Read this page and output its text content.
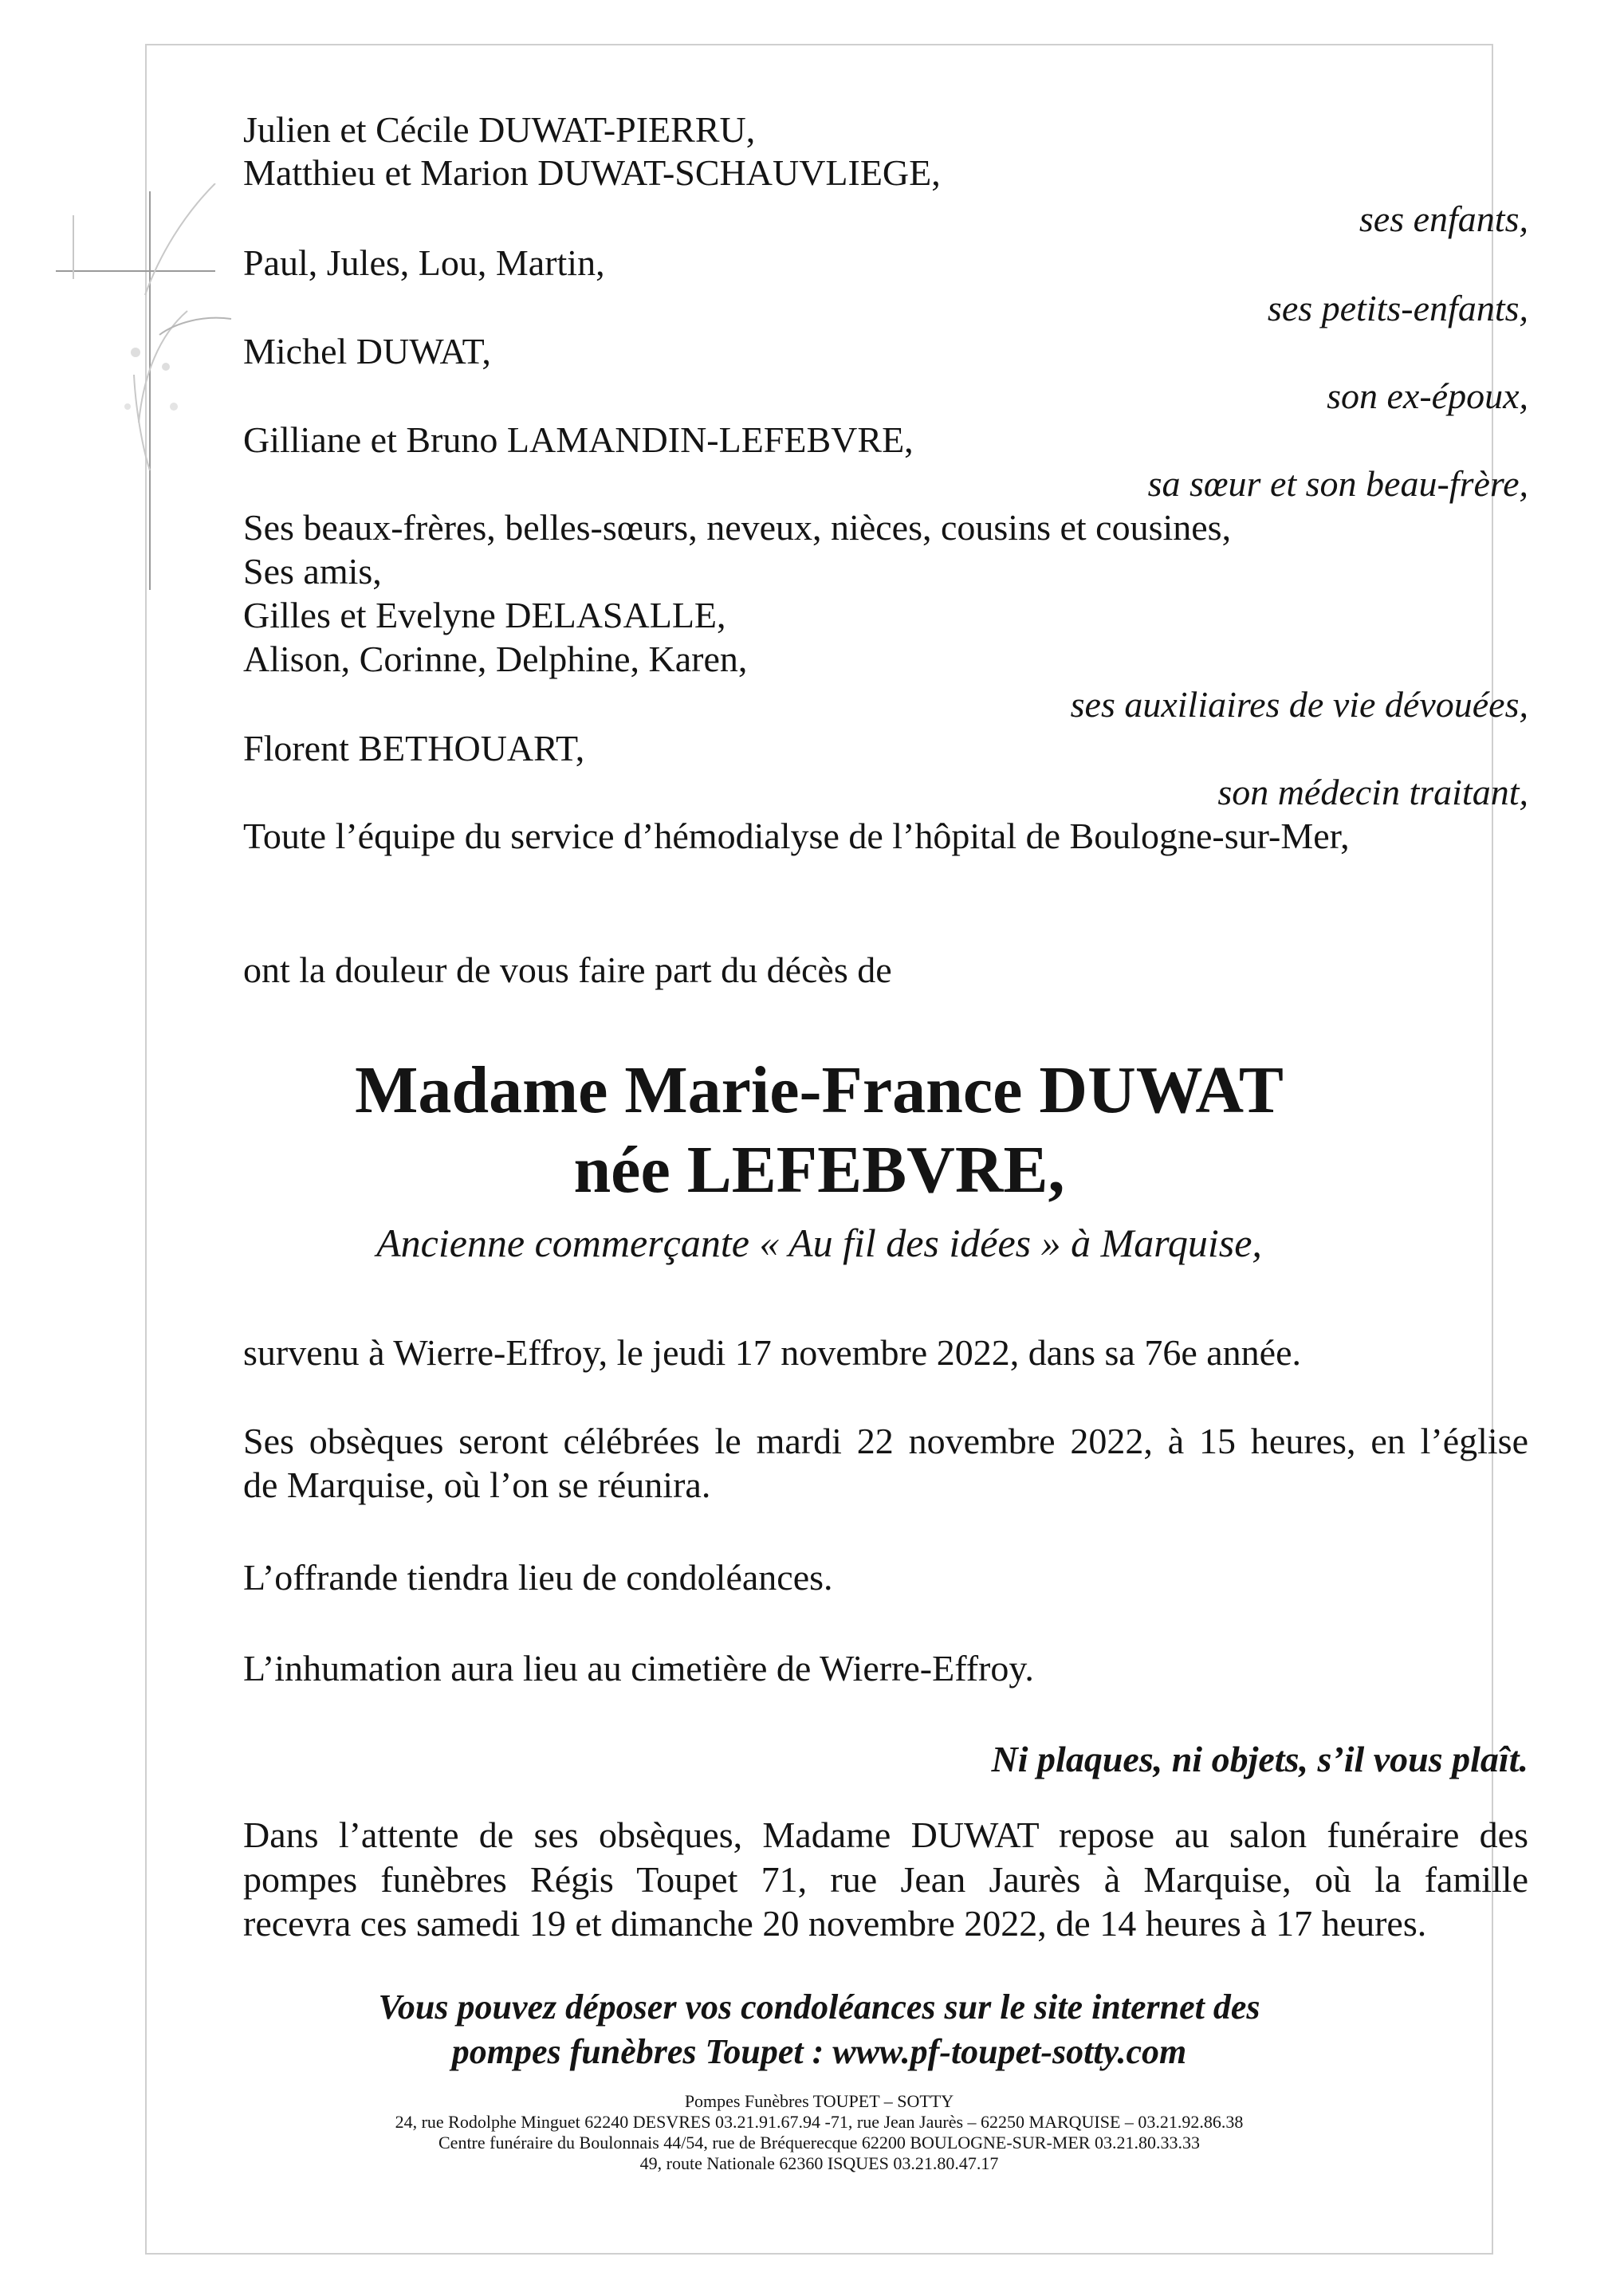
Julien et Cécile DUWAT-PIERRU,
Matthieu et Marion DUWAT-SCHAUVLIEGE,
ses enfants,
Paul, Jules, Lou, Martin,
ses petits-enfants,
Michel DUWAT,
son ex-époux,
Gilliane et Bruno LAMANDIN-LEFEBVRE,
sa sœur et son beau-frère,
Ses beaux-frères, belles-sœurs, neveux, nièces, cousins et cousines,
Ses amis,
Gilles et Evelyne DELASALLE,
Alison, Corinne, Delphine, Karen,
ses auxiliaires de vie dévouées,
Florent BETHOUART,
son médecin traitant,
Toute l’équipe du service d’hémodialyse de l’hôpital de Boulogne-sur-Mer,
ont la douleur de vous faire part du décès de
Madame Marie-France DUWAT
née LEFEBVRE,
Ancienne commerçante « Au fil des idées » à Marquise,
survenu à Wierre-Effroy, le jeudi 17 novembre 2022, dans sa 76e année.
Ses obsèques seront célébrées le mardi 22 novembre 2022, à 15 heures, en l’église
de Marquise, où l’on se réunira.
L’offrande tiendra lieu de condoléances.
L’inhumation aura lieu au cimetière de Wierre-Effroy.
Ni plaques, ni objets, s’il vous plaît.
Dans l’attente de ses obsèques, Madame DUWAT repose au salon funéraire des
pompes funèbres Régis Toupet 71, rue Jean Jaurès à Marquise, où la famille
recevra ces samedi 19 et dimanche 20 novembre 2022, de 14 heures à 17 heures.
Vous pouvez déposer vos condoléances sur le site internet des
pompes funèbres Toupet : www.pf-toupet-sotty.com
Pompes Funèbres TOUPET – SOTTY
24, rue Rodolphe Minguet 62240 DESVRES 03.21.91.67.94 -71, rue Jean Jaurès – 62250 MARQUISE – 03.21.92.86.38
Centre funéraire du Boulonnais 44/54, rue de Bréquerecque 62200 BOULOGNE-SUR-MER 03.21.80.33.33
49, route Nationale 62360 ISQUES 03.21.80.47.17
